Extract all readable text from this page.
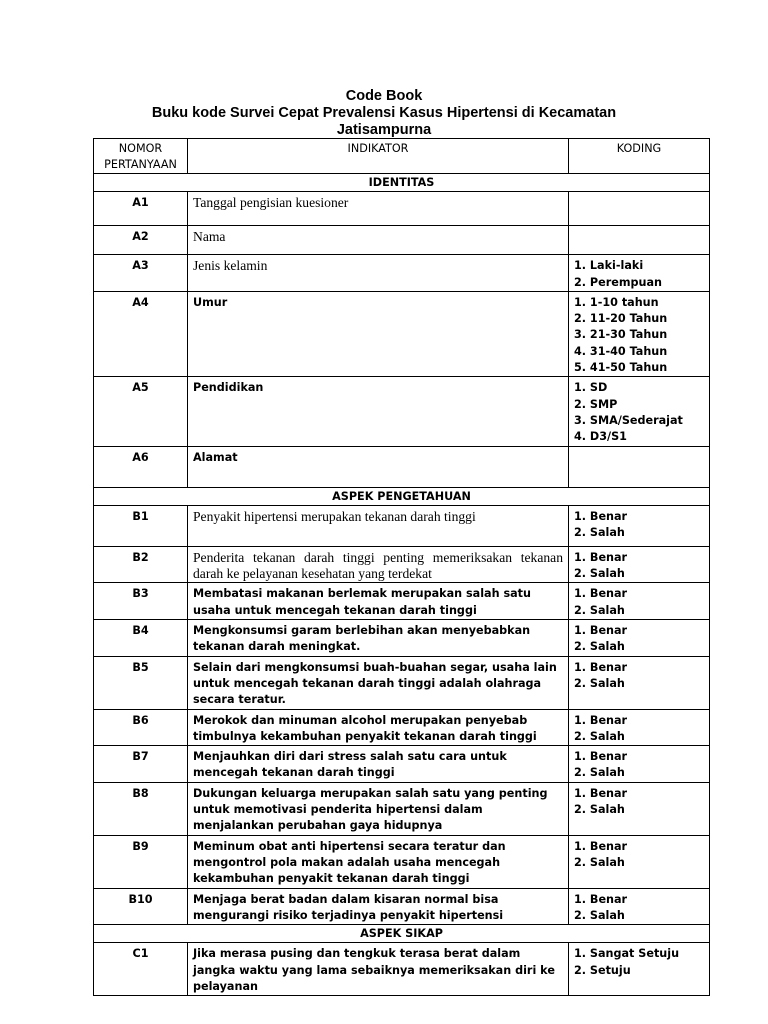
Code Book
Buku kode Survei Cepat Prevalensi Kasus Hipertensi di Kecamatan
Jatisampurna
NOMOR
PERTANYAAN	INDIKATOR	KODING
IDENTITAS		
A1	Tanggal pengisian kuesioner	
A2	Nama	
A3	Jenis kelamin	1. Laki-laki
2. Perempuan

A4	Umur	1. 1-10 tahun
2. 11-20 Tahun
3. 21-30 Tahun
4. 31-40 Tahun
5. 41-50 Tahun

A5	Pendidikan	1. SD
2. SMP
3. SMA/Sederajat
4. D3/S1

A6	Alamat	
ASPEK PENGETAHUAN		
B1	Penyakit hipertensi merupakan tekanan darah tinggi	1. Benar
2. Salah

B2	Penderita tekanan darah tinggi penting memeriksakan tekanan darah ke pelayanan kesehatan yang terdekat	1. Benar
2. Salah

B3	Membatasi makanan berlemak merupakan salah satu usaha untuk mencegah tekanan darah tinggi	1. Benar
2. Salah

B4	Mengkonsumsi garam berlebihan akan menyebabkan tekanan darah meningkat.	1. Benar
2. Salah

B5	Selain dari mengkonsumsi buah-buahan segar, usaha lain untuk mencegah tekanan darah tinggi adalah olahraga secara teratur.	1. Benar
2. Salah

B6	Merokok dan minuman alcohol merupakan penyebab timbulnya kekambuhan penyakit tekanan darah tinggi	1. Benar
2. Salah

B7	Menjauhkan diri dari stress salah satu cara untuk mencegah tekanan darah tinggi	1. Benar
2. Salah

B8	Dukungan keluarga merupakan salah satu yang penting untuk memotivasi penderita hipertensi dalam menjalankan perubahan gaya hidupnya	1. Benar
2. Salah

B9	Meminum obat anti hipertensi secara teratur dan mengontrol pola makan adalah usaha mencegah kekambuhan penyakit tekanan darah tinggi	1. Benar
2. Salah

B10	Menjaga berat badan dalam kisaran normal bisa mengurangi risiko terjadinya penyakit hipertensi	1. Benar
2. Salah

ASPEK SIKAP		
C1	Jika merasa pusing dan tengkuk terasa berat dalam jangka waktu yang lama sebaiknya memeriksakan diri ke pelayanan	1. Sangat Setuju
2. Setuju
